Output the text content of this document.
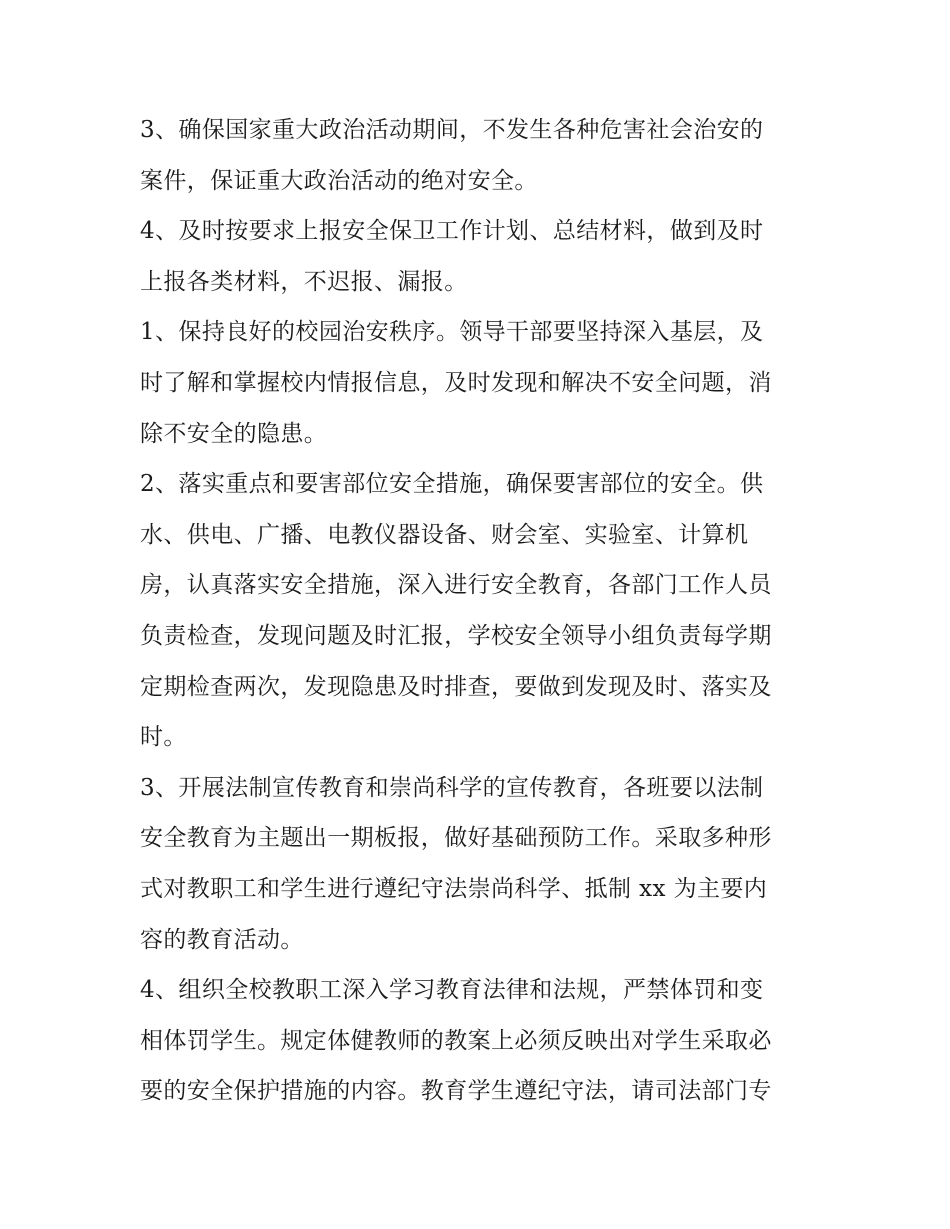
3、确保国家重大政治活动期间，不发生各种危害社会治安的
案件，保证重大政治活动的绝对安全。
4、及时按要求上报安全保卫工作计划、总结材料，做到及时
上报各类材料，不迟报、漏报。
1、保持良好的校园治安秩序。领导干部要坚持深入基层，及
时了解和掌握校内情报信息，及时发现和解决不安全问题，消
除不安全的隐患。
2、落实重点和要害部位安全措施，确保要害部位的安全。供
水、供电、广播、电教仪器设备、财会室、实验室、计算机
房，认真落实安全措施，深入进行安全教育，各部门工作人员
负责检查，发现问题及时汇报，学校安全领导小组负责每学期
定期检查两次，发现隐患及时排查，要做到发现及时、落实及
时。
3、开展法制宣传教育和崇尚科学的宣传教育，各班要以法制
安全教育为主题出一期板报，做好基础预防工作。采取多种形
式对教职工和学生进行遵纪守法崇尚科学、抵制 xx 为主要内
容的教育活动。
4、组织全校教职工深入学习教育法律和法规，严禁体罚和变
相体罚学生。规定体健教师的教案上必须反映出对学生采取必
要的安全保护措施的内容。教育学生遵纪守法，请司法部门专
